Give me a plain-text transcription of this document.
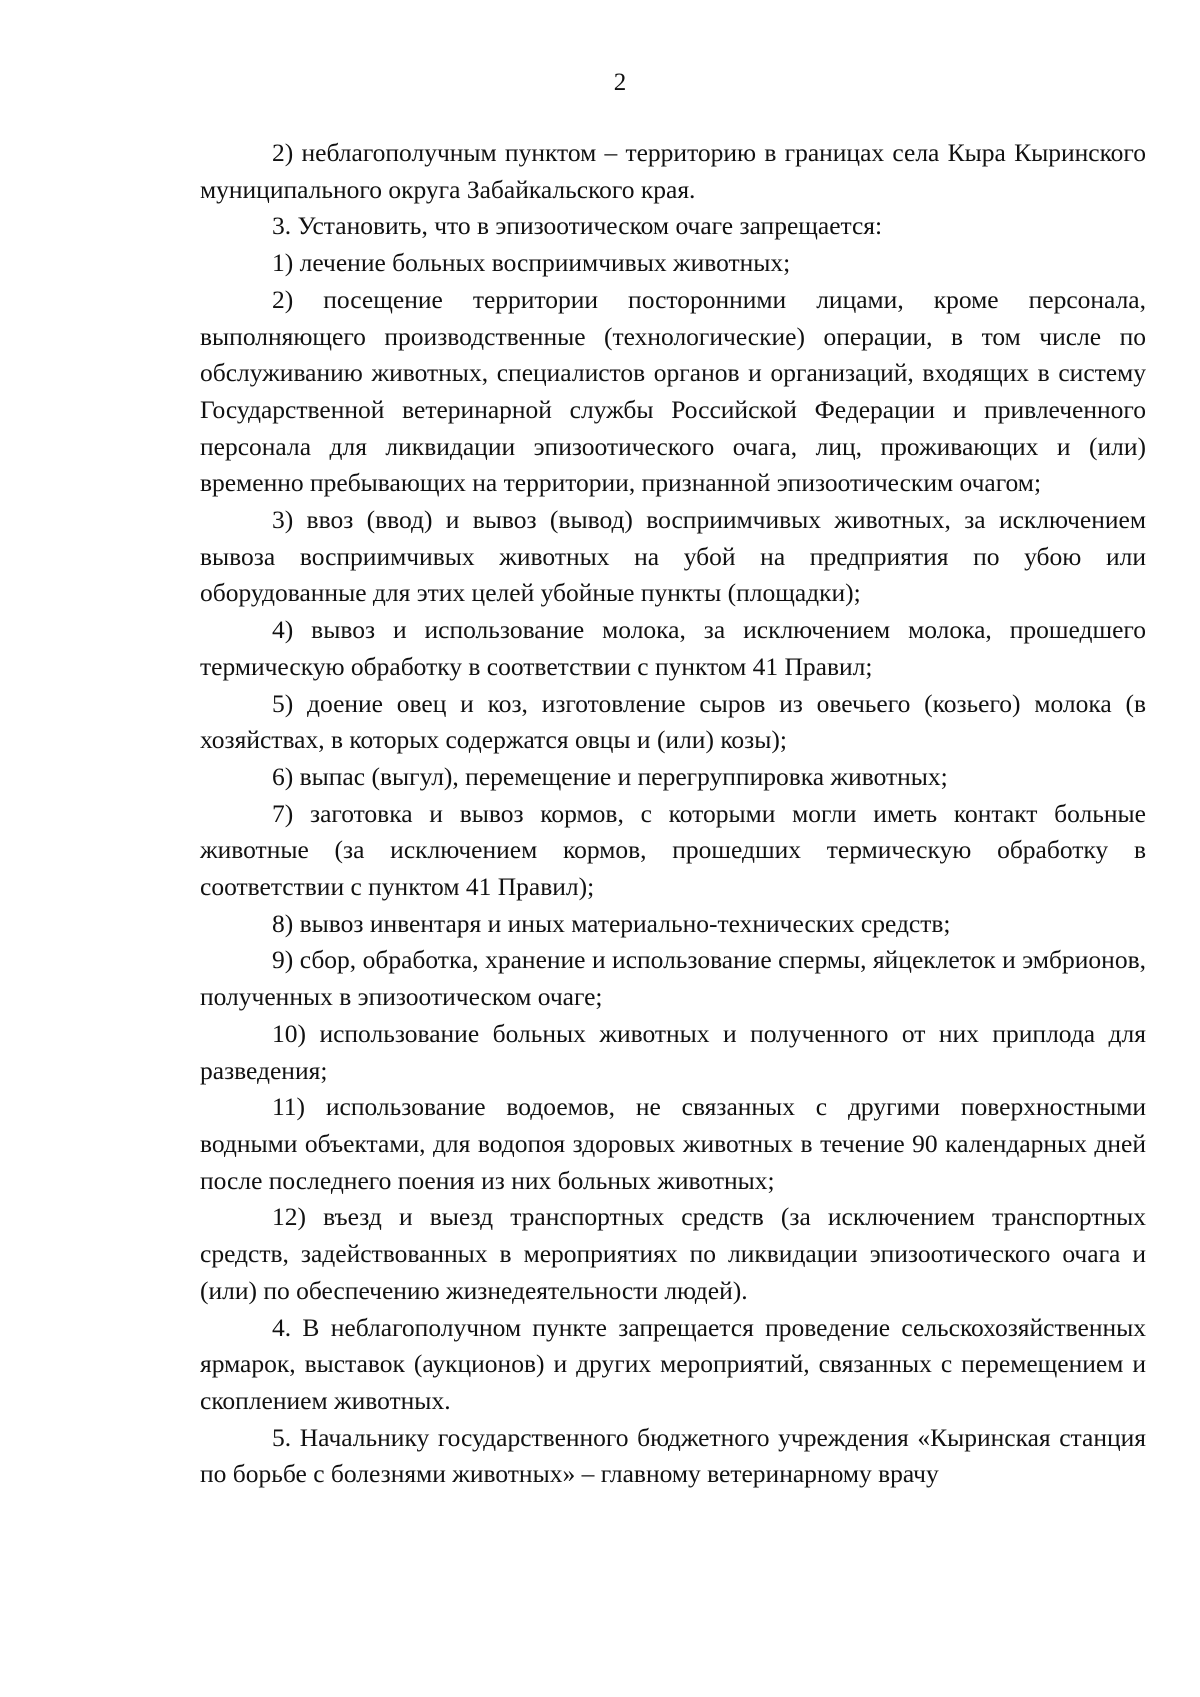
2

2) неблагополучным пунктом – территорию в границах села Кыра Кыринского муниципального округа Забайкальского края.

3. Установить, что в эпизоотическом очаге запрещается:

1) лечение больных восприимчивых животных;

2) посещение территории посторонними лицами, кроме персонала, выполняющего производственные (технологические) операции, в том числе по обслуживанию животных, специалистов органов и организаций, входящих в систему Государственной ветеринарной службы Российской Федерации и привлеченного персонала для ликвидации эпизоотического очага, лиц, проживающих и (или) временно пребывающих на территории, признанной эпизоотическим очагом;

3) ввоз (ввод) и вывоз (вывод) восприимчивых животных, за исключением вывоза восприимчивых животных на убой на предприятия по убою или оборудованные для этих целей убойные пункты (площадки);

4) вывоз и использование молока, за исключением молока, прошедшего термическую обработку в соответствии с пунктом 41 Правил;

5) доение овец и коз, изготовление сыров из овечьего (козьего) молока (в хозяйствах, в которых содержатся овцы и (или) козы);

6) выпас (выгул), перемещение и перегруппировка животных;

7) заготовка и вывоз кормов, с которыми могли иметь контакт больные животные (за исключением кормов, прошедших термическую обработку в соответствии с пунктом 41 Правил);

8) вывоз инвентаря и иных материально-технических средств;

9) сбор, обработка, хранение и использование спермы, яйцеклеток и эмбрионов, полученных в эпизоотическом очаге;

10) использование больных животных и полученного от них приплода для разведения;

11) использование водоемов, не связанных с другими поверхностными водными объектами, для водопоя здоровых животных в течение 90 календарных дней после последнего поения из них больных животных;

12) въезд и выезд транспортных средств (за исключением транспортных средств, задействованных в мероприятиях по ликвидации эпизоотического очага и (или) по обеспечению жизнедеятельности людей).

4. В неблагополучном пункте запрещается проведение сельскохозяйственных ярмарок, выставок (аукционов) и других мероприятий, связанных с перемещением и скоплением животных.

5. Начальнику государственного бюджетного учреждения «Кыринская станция по борьбе с болезнями животных» – главному ветеринарному врачу
